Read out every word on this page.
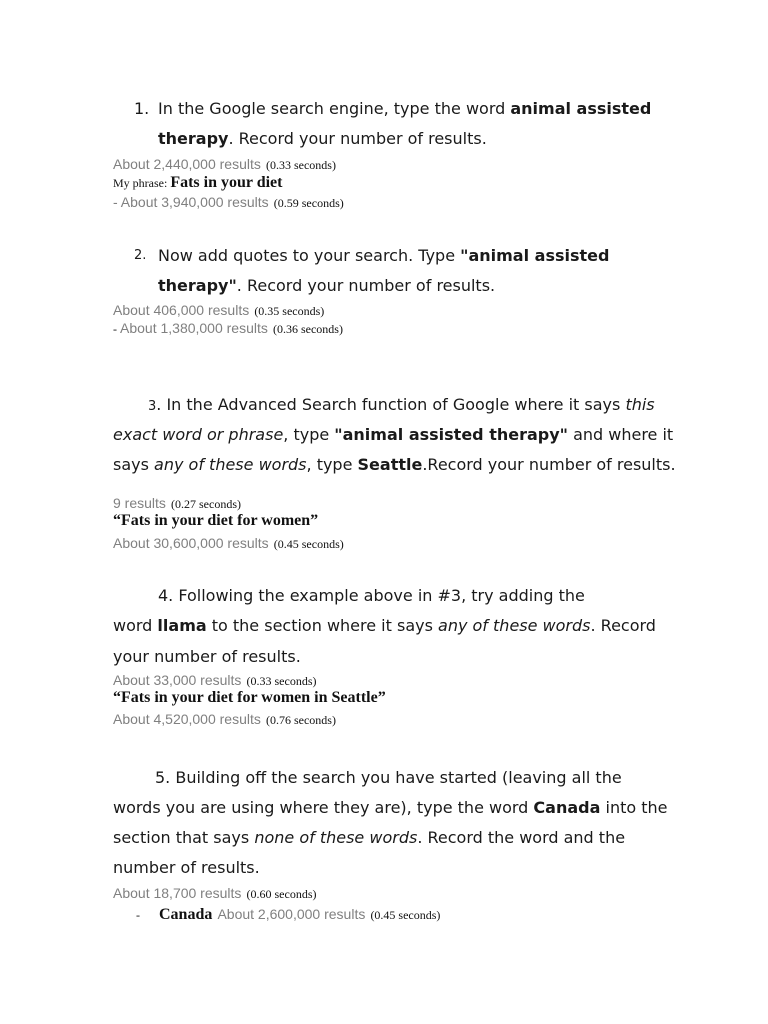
1. In the Google search engine, type the word animal assisted
therapy. Record your number of results.
About 2,440,000 results (0.33 seconds)
My phrase: Fats in your diet
- About 3,940,000 results (0.59 seconds)
2. Now add quotes to your search. Type "animal assisted
therapy". Record your number of results.
About 406,000 results (0.35 seconds)
- About 1,380,000 results (0.36 seconds)
3. In the Advanced Search function of Google where it says this
exact word or phrase, type "animal assisted therapy" and where it
says any of these words, type Seattle.Record your number of results.
9 results (0.27 seconds)
“Fats in your diet for women”
About 30,600,000 results (0.45 seconds)
4. Following the example above in #3, try adding the
word llama to the section where it says any of these words. Record
your number of results.
About 33,000 results (0.33 seconds)
“Fats in your diet for women in Seattle”
About 4,520,000 results (0.76 seconds)
5. Building off the search you have started (leaving all the
words you are using where they are), type the word Canada into the
section that says none of these words. Record the word and the
number of results.
About 18,700 results (0.60 seconds)
- Canada About 2,600,000 results (0.45 seconds)
